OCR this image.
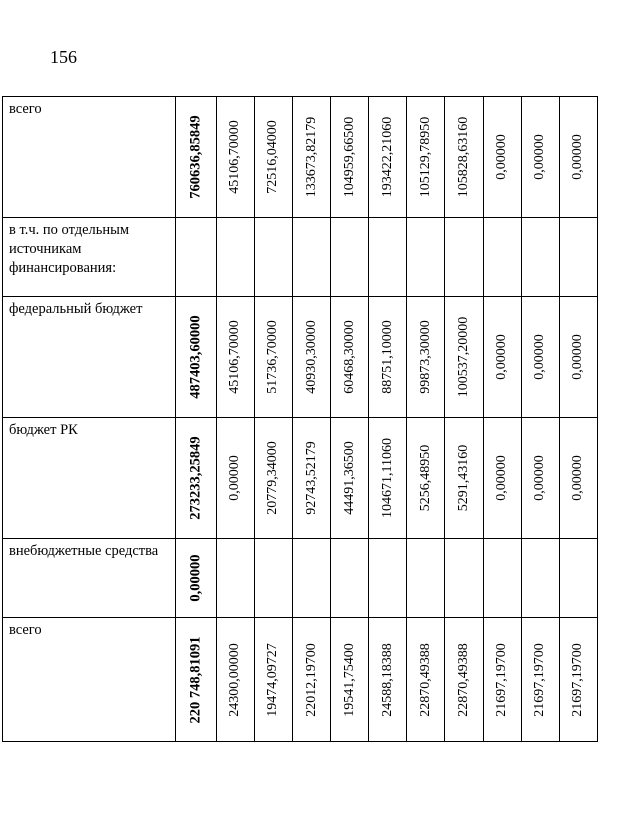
156
всего	760636,85849	45106,70000	72516,04000	133673,82179	104959,66500	193422,21060	105129,78950	105828,63160	0,00000	0,00000	0,00000

в т.ч. по отдельным источникам финансирования:	

федеральный бюджет	487403,60000	45106,70000	51736,70000	40930,30000	60468,30000	88751,10000	99873,30000	100537,20000	0,00000	0,00000	0,00000

бюджет РК	273233,25849	0,00000	20779,34000	92743,52179	44491,36500	104671,11060	5256,48950	5291,43160	0,00000	0,00000	0,00000

внебюджетные средства	0,00000										

всего	220 748,81091	24300,00000	19474,09727	22012,19700	19541,75400	24588,18388	22870,49388	22870,49388	21697,19700	21697,19700	21697,19700
